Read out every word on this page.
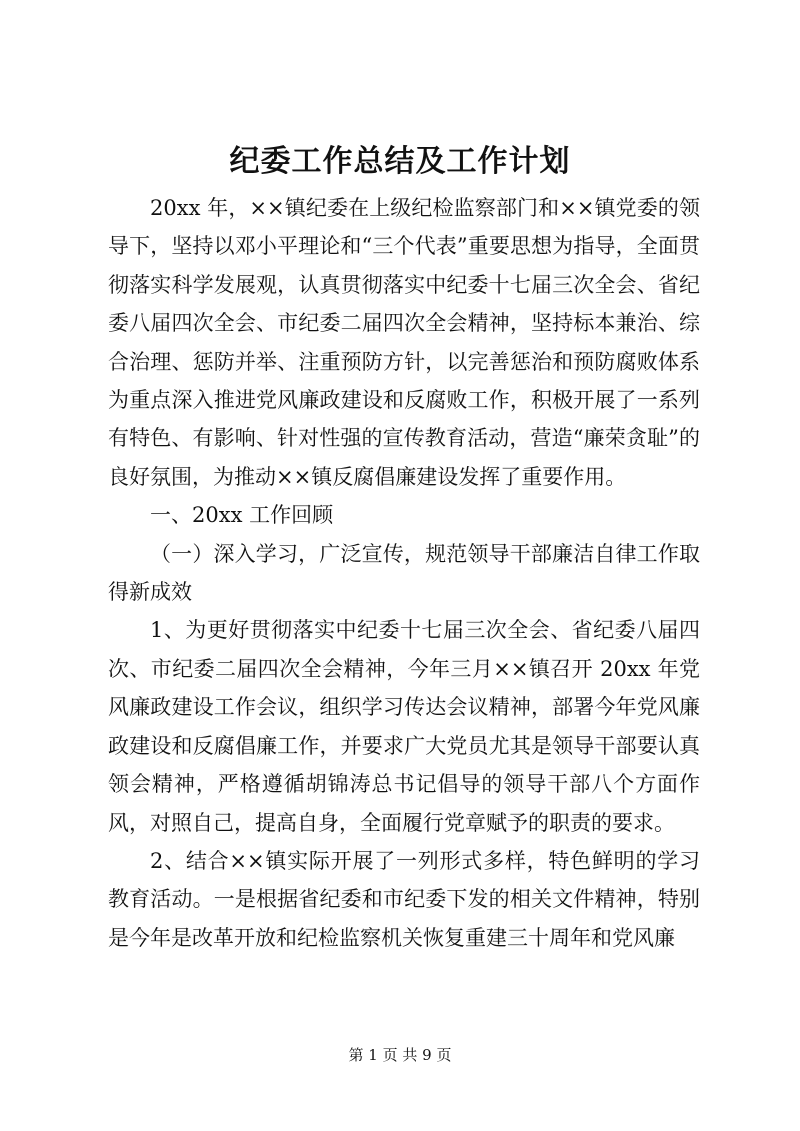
纪委工作总结及工作计划

20xx 年，××镇纪委在上级纪检监察部门和××镇党委的领导下，坚持以邓小平理论和“三个代表”重要思想为指导，全面贯彻落实科学发展观，认真贯彻落实中纪委十七届三次全会、省纪委八届四次全会、市纪委二届四次全会精神，坚持标本兼治、综合治理、惩防并举、注重预防方针，以完善惩治和预防腐败体系为重点深入推进党风廉政建设和反腐败工作，积极开展了一系列有特色、有影响、针对性强的宣传教育活动，营造“廉荣贪耻”的良好氛围，为推动××镇反腐倡廉建设发挥了重要作用。

一、20xx 工作回顾

（一）深入学习，广泛宣传，规范领导干部廉洁自律工作取得新成效

1、为更好贯彻落实中纪委十七届三次全会、省纪委八届四次、市纪委二届四次全会精神，今年三月××镇召开 20xx 年党风廉政建设工作会议，组织学习传达会议精神，部署今年党风廉政建设和反腐倡廉工作，并要求广大党员尤其是领导干部要认真领会精神，严格遵循胡锦涛总书记倡导的领导干部八个方面作风，对照自己，提高自身，全面履行党章赋予的职责的要求。

2、结合××镇实际开展了一列形式多样，特色鲜明的学习教育活动。一是根据省纪委和市纪委下发的相关文件精神，特别是今年是改革开放和纪检监察机关恢复重建三十周年和党风廉

第 1 页 共 9 页
